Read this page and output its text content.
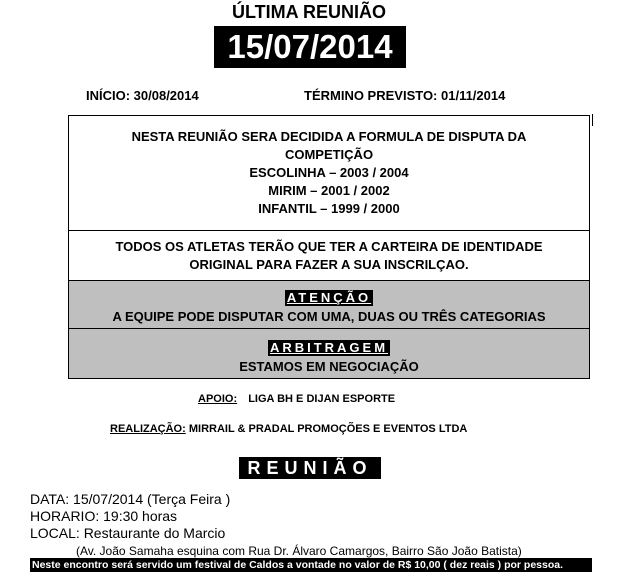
ÚLTIMA REUNIÃO
15/07/2014
INÍCIO: 30/08/2014	TÉRMINO PREVISTO: 01/11/2014
NESTA REUNIÃO SERA DECIDIDA A FORMULA DE DISPUTA DA
COMPETIÇÃO
ESCOLINHA – 2003 / 2004
MIRIM – 2001 / 2002
INFANTIL – 1999 / 2000
TODOS OS ATLETAS TERÃO QUE TER A CARTEIRA DE IDENTIDADE
ORIGINAL PARA FAZER A SUA INSCRILÇAO.
ATENÇÃO
A EQUIPE PODE DISPUTAR COM UMA, DUAS OU TRÊS CATEGORIAS
ARBITRAGEM
ESTAMOS EM NEGOCIAÇÃO
APOIO: LIGA BH E DIJAN ESPORTE
REALIZAÇÃO: MIRRAIL & PRADAL PROMOÇÕES E EVENTOS LTDA
REUNIÃO
DATA: 15/07/2014 (Terça Feira )
HORARIO: 19:30 horas
LOCAL: Restaurante do Marcio
(Av. João Samaha esquina com Rua Dr. Álvaro Camargos, Bairro São João Batista)
Neste encontro será servido um festival de Caldos a vontade no valor de R$ 10,00 ( dez reais ) por pessoa.
